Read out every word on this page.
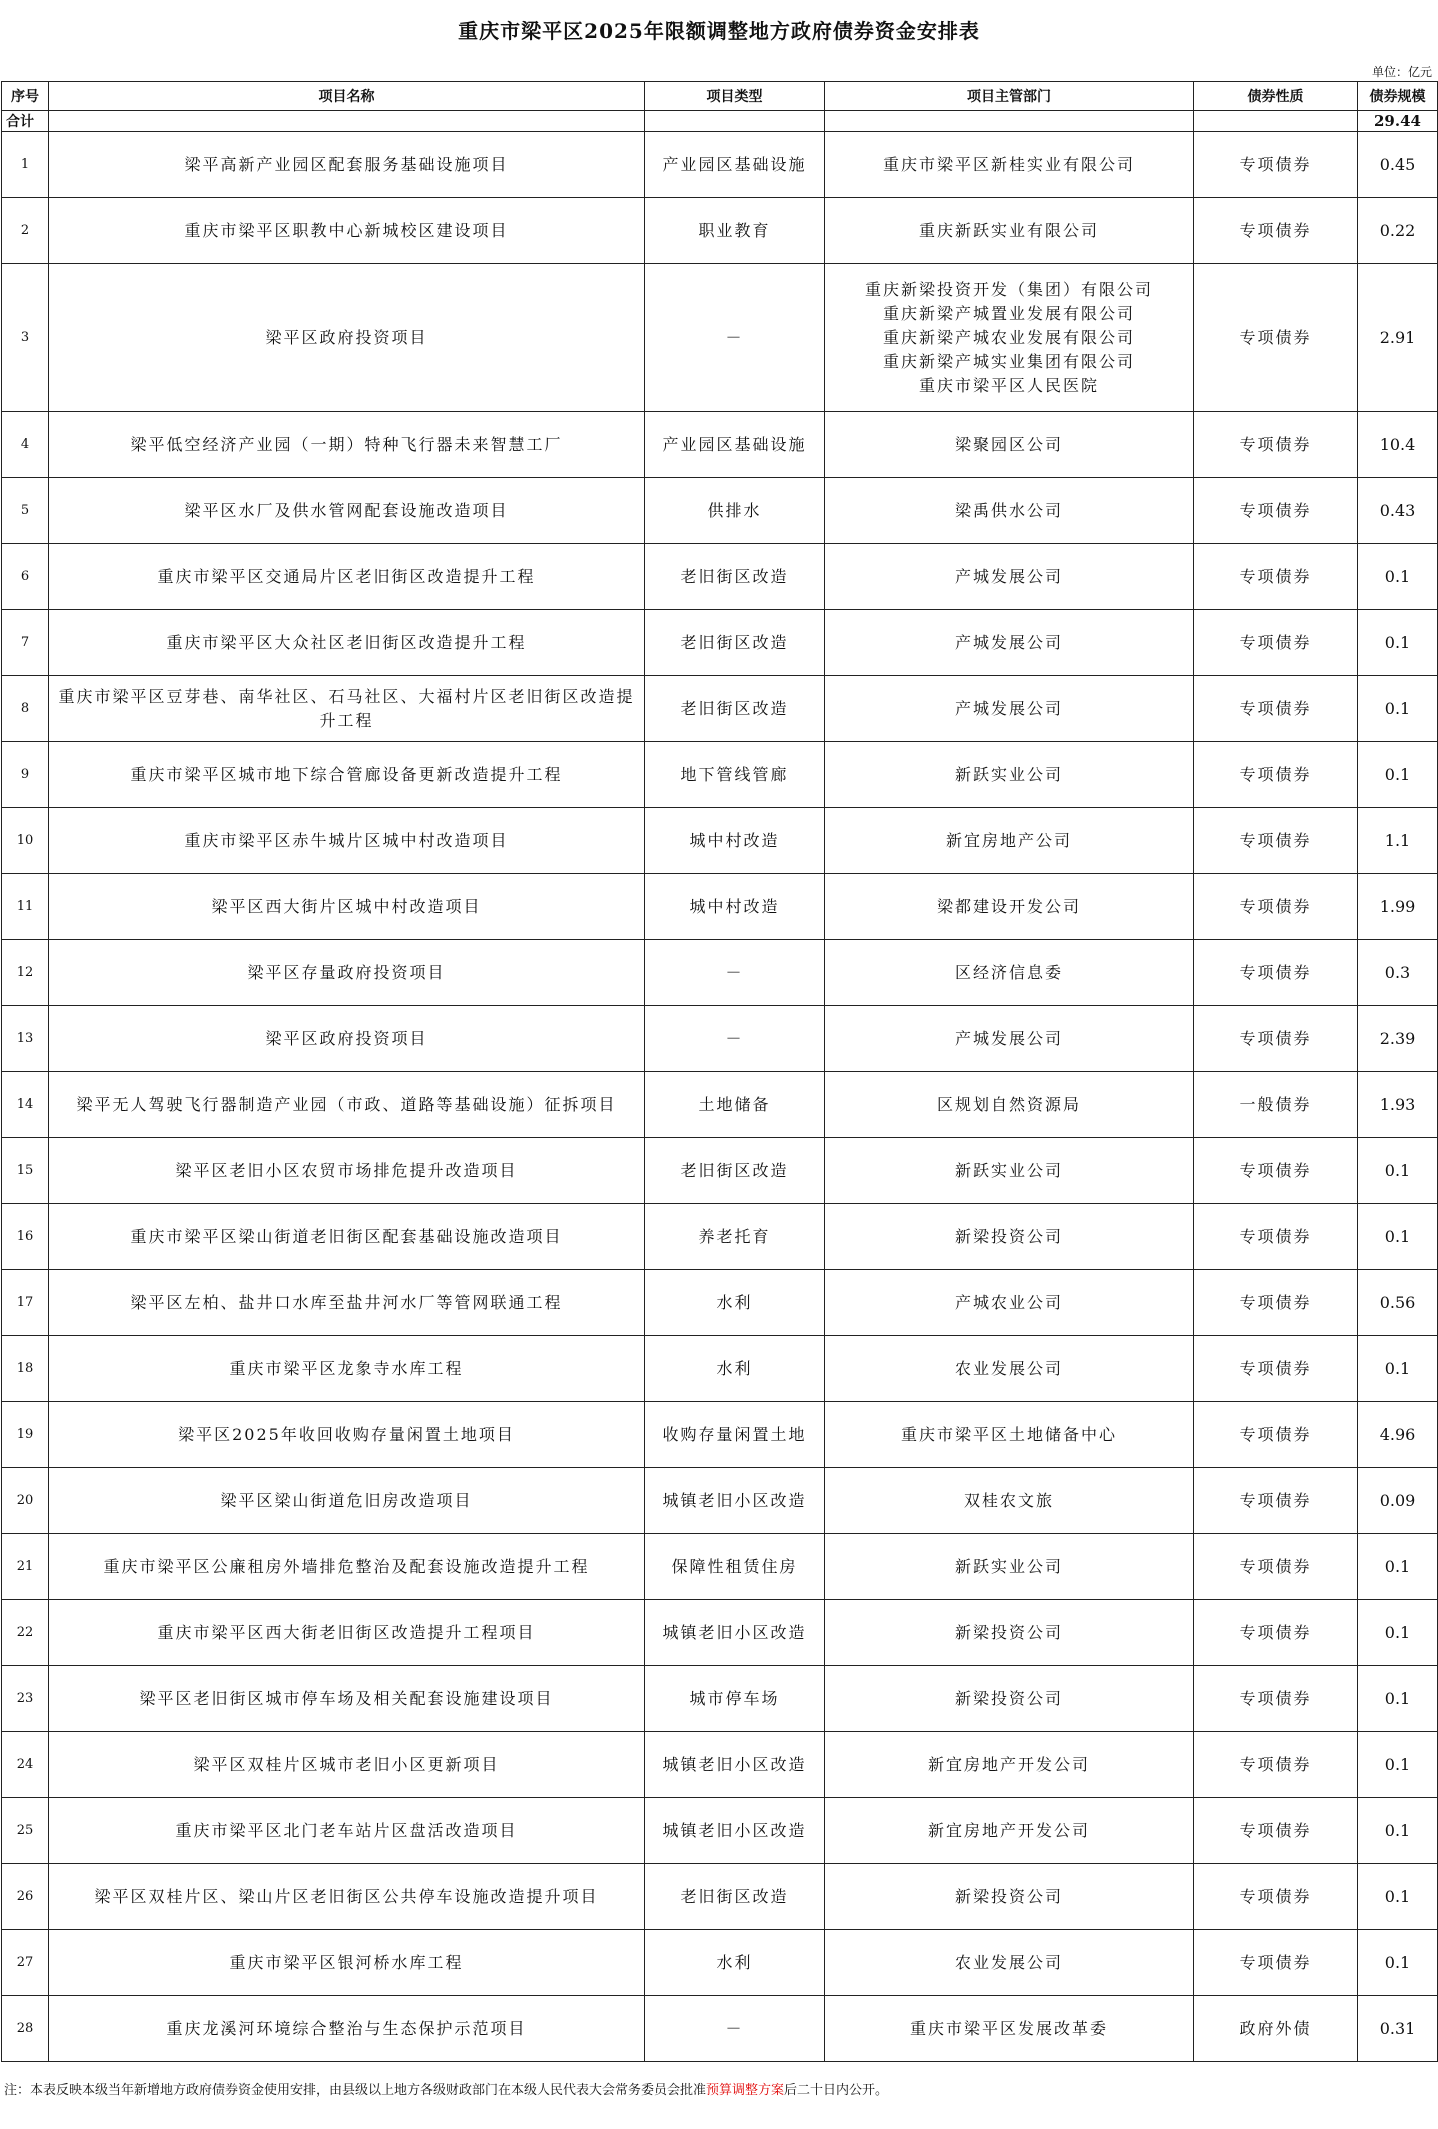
重庆市梁平区2025年限额调整地方政府债券资金安排表
单位：亿元
序号	项目名称	项目类型	项目主管部门	债券性质	债券规模
合计					29.44
1	梁平高新产业园区配套服务基础设施项目	产业园区基础设施	重庆市梁平区新桂实业有限公司	专项债券	0.45
2	重庆市梁平区职教中心新城校区建设项目	职业教育	重庆新跃实业有限公司	专项债券	0.22
3	梁平区政府投资项目	－	重庆新梁投资开发（集团）有限公司
重庆新梁产城置业发展有限公司
重庆新梁产城农业发展有限公司
重庆新梁产城实业集团有限公司
重庆市梁平区人民医院	专项债券	2.91
4	梁平低空经济产业园（一期）特种飞行器未来智慧工厂	产业园区基础设施	梁聚园区公司	专项债券	10.4
5	梁平区水厂及供水管网配套设施改造项目	供排水	梁禹供水公司	专项债券	0.43
6	重庆市梁平区交通局片区老旧街区改造提升工程	老旧街区改造	产城发展公司	专项债券	0.1
7	重庆市梁平区大众社区老旧街区改造提升工程	老旧街区改造	产城发展公司	专项债券	0.1
8	重庆市梁平区豆芽巷、南华社区、石马社区、大福村片区老旧街区改造提升工程	老旧街区改造	产城发展公司	专项债券	0.1
9	重庆市梁平区城市地下综合管廊设备更新改造提升工程	地下管线管廊	新跃实业公司	专项债券	0.1
10	重庆市梁平区赤牛城片区城中村改造项目	城中村改造	新宜房地产公司	专项债券	1.1
11	梁平区西大街片区城中村改造项目	城中村改造	梁都建设开发公司	专项债券	1.99
12	梁平区存量政府投资项目	－	区经济信息委	专项债券	0.3
13	梁平区政府投资项目	－	产城发展公司	专项债券	2.39
14	梁平无人驾驶飞行器制造产业园（市政、道路等基础设施）征拆项目	土地储备	区规划自然资源局	一般债券	1.93
15	梁平区老旧小区农贸市场排危提升改造项目	老旧街区改造	新跃实业公司	专项债券	0.1
16	重庆市梁平区梁山街道老旧街区配套基础设施改造项目	养老托育	新梁投资公司	专项债券	0.1
17	梁平区左柏、盐井口水库至盐井河水厂等管网联通工程	水利	产城农业公司	专项债券	0.56
18	重庆市梁平区龙象寺水库工程	水利	农业发展公司	专项债券	0.1
19	梁平区2025年收回收购存量闲置土地项目	收购存量闲置土地	重庆市梁平区土地储备中心	专项债券	4.96
20	梁平区梁山街道危旧房改造项目	城镇老旧小区改造	双桂农文旅	专项债券	0.09
21	重庆市梁平区公廉租房外墙排危整治及配套设施改造提升工程	保障性租赁住房	新跃实业公司	专项债券	0.1
22	重庆市梁平区西大街老旧街区改造提升工程项目	城镇老旧小区改造	新梁投资公司	专项债券	0.1
23	梁平区老旧街区城市停车场及相关配套设施建设项目	城市停车场	新梁投资公司	专项债券	0.1
24	梁平区双桂片区城市老旧小区更新项目	城镇老旧小区改造	新宜房地产开发公司	专项债券	0.1
25	重庆市梁平区北门老车站片区盘活改造项目	城镇老旧小区改造	新宜房地产开发公司	专项债券	0.1
26	梁平区双桂片区、梁山片区老旧街区公共停车设施改造提升项目	老旧街区改造	新梁投资公司	专项债券	0.1
27	重庆市梁平区银河桥水库工程	水利	农业发展公司	专项债券	0.1
28	重庆龙溪河环境综合整治与生态保护示范项目	－	重庆市梁平区发展改革委	政府外债	0.31
注：本表反映本级当年新增地方政府债券资金使用安排，由县级以上地方各级财政部门在本级人民代表大会常务委员会批准预算调整方案后二十日内公开。
